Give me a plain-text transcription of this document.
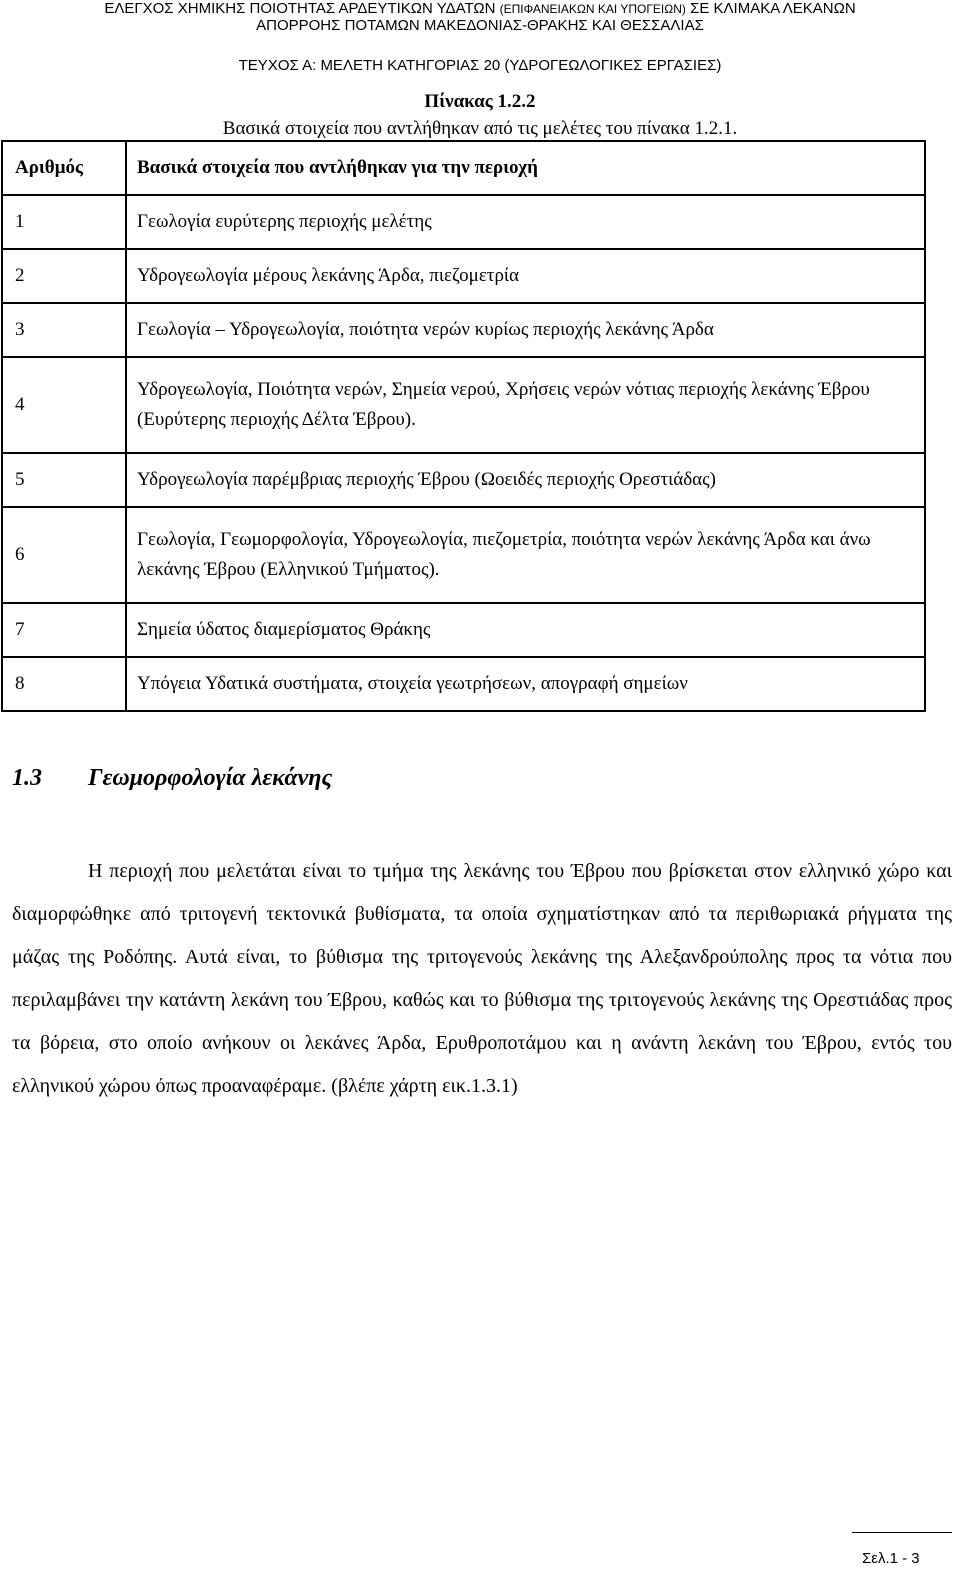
ΕΛΕΓΧΟΣ ΧΗΜΙΚΗΣ ΠΟΙΟΤΗΤΑΣ ΑΡΔΕΥΤΙΚΩΝ ΥΔΑΤΩΝ (ΕΠΙΦΑΝΕΙΑΚΩΝ ΚΑΙ ΥΠΟΓΕΙΩΝ) ΣΕ ΚΛΙΜΑΚΑ ΛΕΚΑΝΩΝ
ΑΠΟΡΡΟΗΣ ΠΟΤΑΜΩΝ ΜΑΚΕΔΟΝΙΑΣ-ΘΡΑΚΗΣ ΚΑΙ ΘΕΣΣΑΛΙΑΣ
ΤΕΥΧΟΣ Α: ΜΕΛΕΤΗ ΚΑΤΗΓΟΡΙΑΣ 20 (ΥΔΡΟΓΕΩΛΟΓΙΚΕΣ ΕΡΓΑΣΙΕΣ)
Πίνακας 1.2.2
Βασικά στοιχεία που αντλήθηκαν από τις μελέτες του πίνακα 1.2.1.
Αριθμός	Βασικά στοιχεία που αντλήθηκαν για την περιοχή
1	Γεωλογία ευρύτερης περιοχής μελέτης
2	Υδρογεωλογία μέρους λεκάνης Άρδα, πιεζομετρία
3	Γεωλογία – Υδρογεωλογία, ποιότητα νερών κυρίως περιοχής λεκάνης Άρδα
4	Υδρογεωλογία, Ποιότητα νερών, Σημεία νερού, Χρήσεις νερών νότιας περιοχής λεκάνης Έβρου (Ευρύτερης περιοχής Δέλτα Έβρου).
5	Υδρογεωλογία παρέμβριας περιοχής Έβρου (Ωοειδές περιοχής Ορεστιάδας)
6	Γεωλογία, Γεωμορφολογία, Υδρογεωλογία, πιεζομετρία, ποιότητα νερών λεκάνης Άρδα και άνω λεκάνης Έβρου (Ελληνικού Τμήματος).
7	Σημεία ύδατος διαμερίσματος Θράκης
8	Υπόγεια Υδατικά συστήματα, στοιχεία γεωτρήσεων, απογραφή σημείων
1.3 Γεωμορφολογία λεκάνης

Η περιοχή που μελετάται είναι το τμήμα της λεκάνης του Έβρου που βρίσκεται στον ελληνικό χώρο και διαμορφώθηκε από τριτογενή τεκτονικά βυθίσματα, τα οποία σχηματίστηκαν από τα περιθωριακά ρήγματα της μάζας της Ροδόπης. Αυτά είναι, το βύθισμα της τριτογενούς λεκάνης της Αλεξανδρούπολης προς τα νότια που περιλαμβάνει την κατάντη λεκάνη του Έβρου, καθώς και το βύθισμα της τριτογενούς λεκάνης της Ορεστιάδας προς τα βόρεια, στο οποίο ανήκουν οι λεκάνες Άρδα, Ερυθροποτάμου και η ανάντη λεκάνη του Έβρου, εντός του ελληνικού χώρου όπως προαναφέραμε. (βλέπε χάρτη εικ.1.3.1)

Σελ.1 - 3
